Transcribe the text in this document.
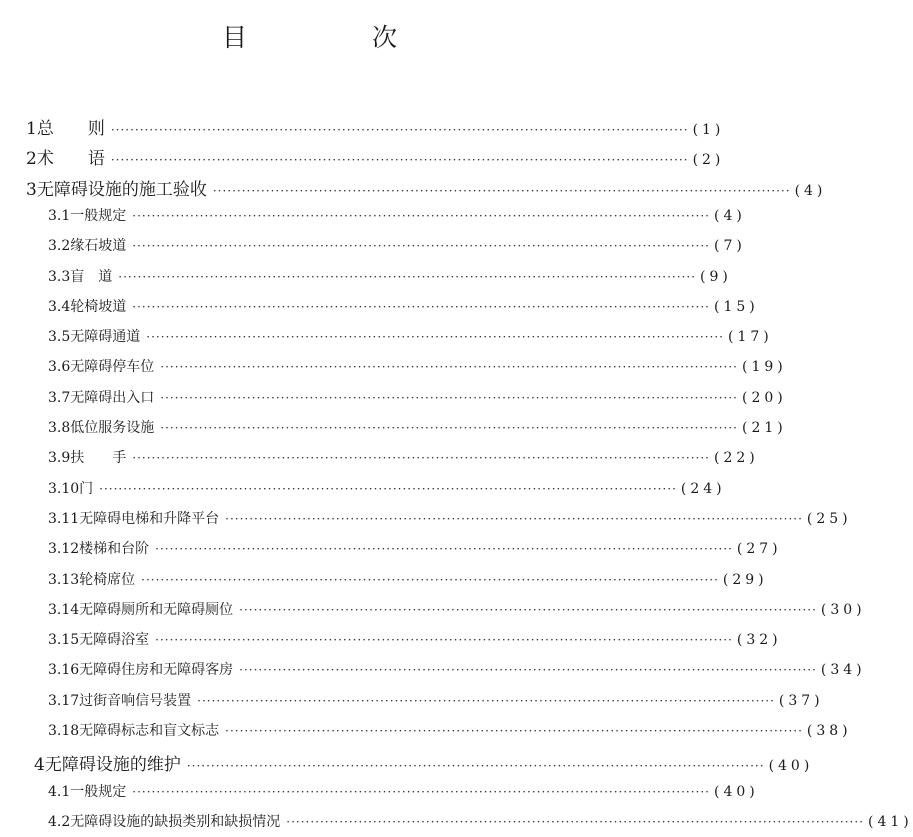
目　次
1 总　　则 ························································································································ (1)
2 术　　语 ························································································································ (2)
3 无障碍设施的施工验收 ························································································································ (4)
3.1 一般规定 ························································································································ (4)
3.2 缘石坡道 ························································································································ (7)
3.3 盲　道 ························································································································ (9)
3.4 轮椅坡道 ························································································································ (15)
3.5 无障碍通道 ························································································································ (17)
3.6 无障碍停车位 ························································································································ (19)
3.7 无障碍出入口 ························································································································ (20)
3.8 低位服务设施 ························································································································ (21)
3.9 扶　　手 ························································································································ (22)
3.10 门 ························································································································ (24)
3.11 无障碍电梯和升降平台 ························································································································ (25)
3.12 楼梯和台阶 ························································································································ (27)
3.13 轮椅席位 ························································································································ (29)
3.14 无障碍厕所和无障碍厕位 ························································································································ (30)
3.15 无障碍浴室 ························································································································ (32)
3.16 无障碍住房和无障碍客房 ························································································································ (34)
3.17 过街音响信号装置 ························································································································ (37)
3.18 无障碍标志和盲文标志 ························································································································ (38)
4 无障碍设施的维护 ························································································································ (40)
4.1 一般规定 ························································································································ (40)
4.2 无障碍设施的缺损类别和缺损情况 ························································································································ (41)
